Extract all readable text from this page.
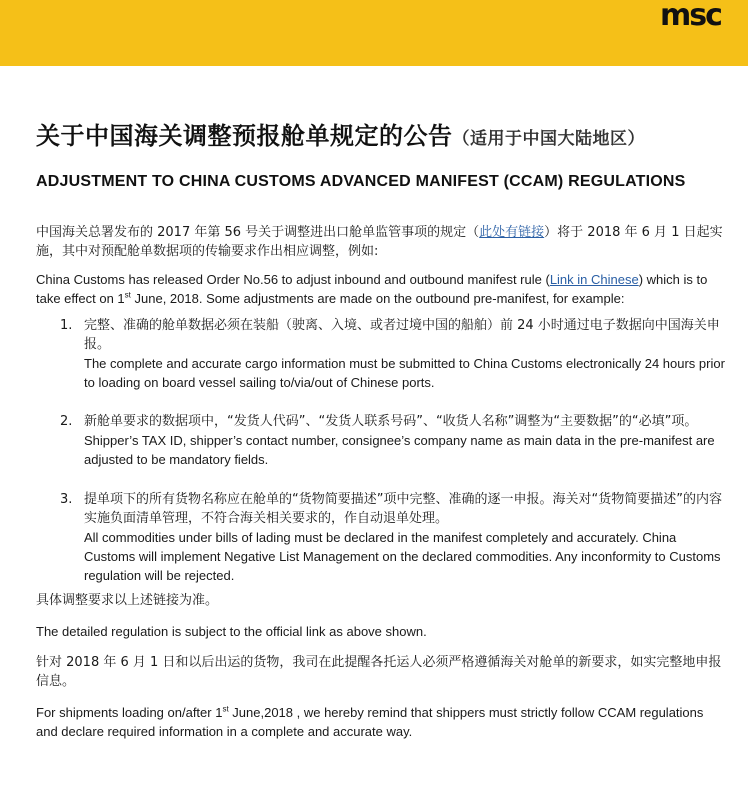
msc
关于中国海关调整预报舱单规定的公告（适用于中国大陆地区）
ADJUSTMENT TO CHINA CUSTOMS ADVANCED MANIFEST (CCAM) REGULATIONS

中国海关总署发布的 2017 年第 56 号关于调整进出口舱单监管事项的规定（此处有链接）将于 2018 年 6 月 1 日起实施，其中对预配舱单数据项的传输要求作出相应调整，例如:

China Customs has released Order No.56 to adjust inbound and outbound manifest rule (Link in Chinese) which is to take effect on 1st June, 2018. Some adjustments are made on the outbound pre-manifest, for example:

1. 完整、准确的舱单数据必须在装船（驶离、入境、或者过境中国的船舶）前 24 小时通过电子数据向中国海关申报。

The complete and accurate cargo information must be submitted to China Customs electronically 24 hours prior to loading on board vessel sailing to/via/out of Chinese ports.

2. 新舱单要求的数据项中，“发货人代码”、“发货人联系号码”、“收货人名称”调整为“主要数据”的“必填”项。

Shipper’s TAX ID, shipper’s contact number, consignee’s company name as main data in the pre-manifest are adjusted to be mandatory fields.

3. 提单项下的所有货物名称应在舱单的“货物简要描述”项中完整、准确的逐一申报。海关对“货物简要描述”的内容实施负面清单管理，不符合海关相关要求的，作自动退单处理。

All commodities under bills of lading must be declared in the manifest completely and accurately. China Customs will implement Negative List Management on the declared commodities. Any inconformity to Customs regulation will be rejected.

具体调整要求以上述链接为准。

The detailed regulation is subject to the official link as above shown.

针对 2018 年 6 月 1 日和以后出运的货物，我司在此提醒各托运人必须严格遵循海关对舱单的新要求，如实完整地申报信息。

For shipments loading on/after 1st June,2018 , we hereby remind that shippers must strictly follow CCAM regulations and declare required information in a complete and accurate way.
